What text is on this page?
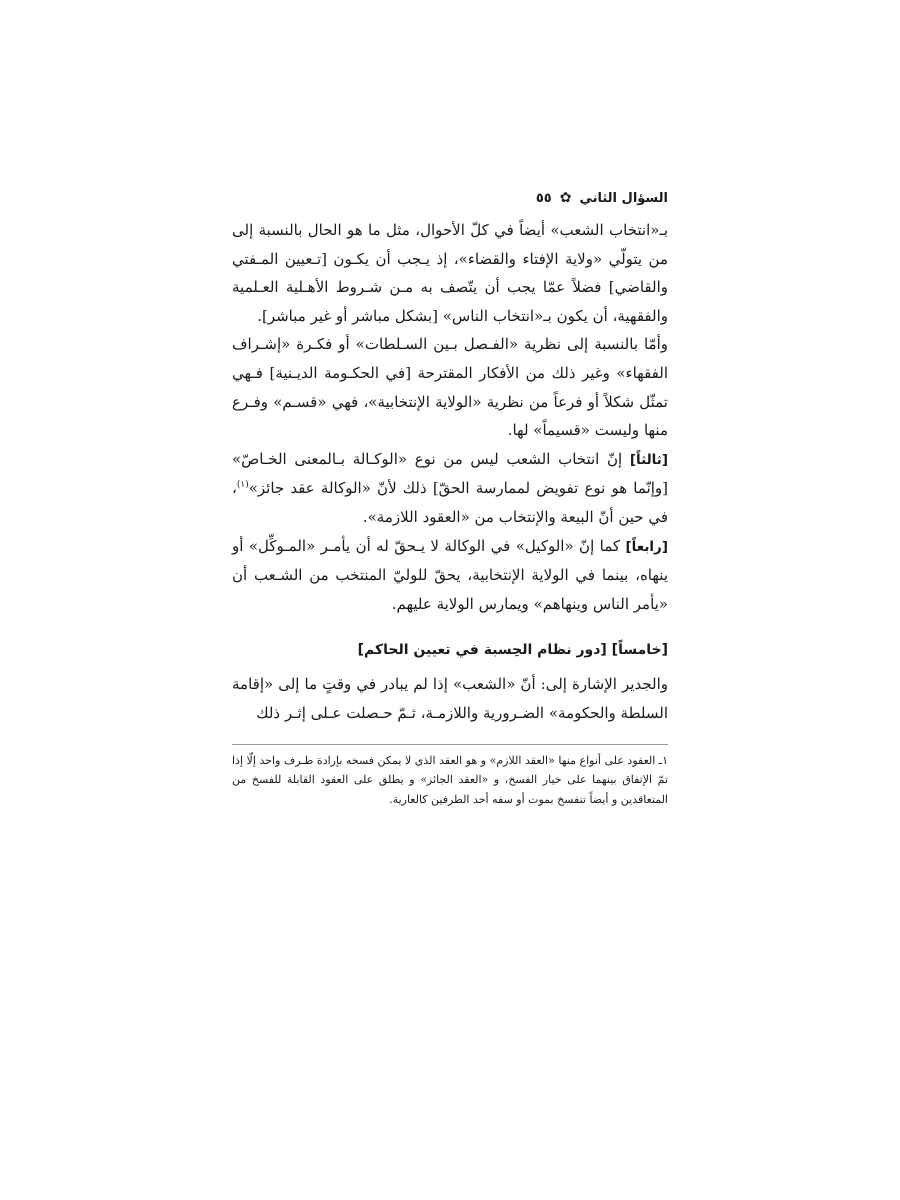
السؤال الثاني
✿
٥٥

بـ«انتخاب الشعب» أيضاً في كلّ الأحوال، مثل ما هو الحال بالنسبة إلى من يتولّي «ولاية الإفتاء والقضاء»، إذ يـجب أن يكـون [تـعيين المـفتي والقاضي] فضلاً عمّا يجب أن يتّصف به مـن شـروط الأهـلية العـلمية والفقهية، أن يكون بـ«انتخاب الناس» [بشكل مباشر أو غير مباشر].

وأمّا بالنسبة إلى نظرية «الفـصل بـين السـلطات» أو فكـرة «إشـراف الفقهاء» وغير ذلك من الأفكار المقترحة [في الحكـومة الديـنية] فـهي تمثّل شكلاً أو فرعاً من نظرية «الولاية الإنتخابية»، فهي «قسـم» وفـرع منها وليست «قسيماً» لها.

[ثالثاً] إنّ انتخاب الشعب ليس من نوع «الوكـالة بـالمعنى الخـاصّ» [وإنّما هو نوع تفويض لممارسة الحقّ] ذلك لأنّ «الوكالة عقد جائز»$^{(١)}$، في حين أنّ البيعة والإنتخاب من «العقود اللازمة».

[رابعاً] كما إنّ «الوكيل» في الوكالة لا يـحقّ له أن يأمـر «المـوكِّل» أو ينهاه، بينما في الولاية الإنتخابية، يحقّ للوليّ المنتخب من الشـعب أن «يأمر الناس وينهاهم» ويمارس الولاية عليهم.

[خامساً] [دور نظام الحِسبة في تعيين الحاكم]

والجدير الإشارة إلى: أنّ «الشعب» إذا لم يبادر في وقتٍ ما إلى «إقامة السلطة والحكومة» الضـرورية واللازمـة، ثـمّ حـصلت عـلى إثـر ذلك

١ـ العقود على أنواع منها «العقد اللازم» و هو العقد الذي لا يمكن فسخه بإرادة طـرف واحد إلّا إذا تمّ الإتفاق بينهما على خيار الفسخ، و «العقد الجائز» و يطلق على العقود القابلة للفسخ من المتعاقدين و أيضاً تنفسخ بموت أو سفه أحد الطرفين كالعارية.
